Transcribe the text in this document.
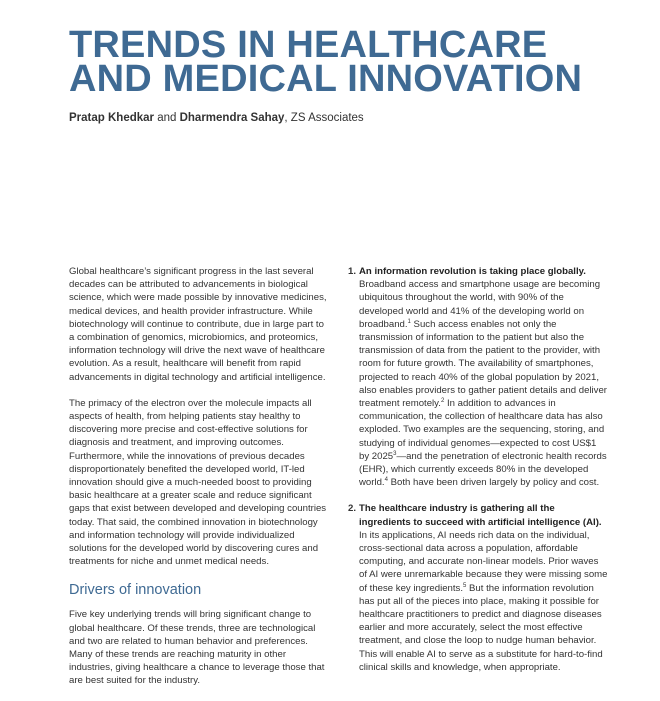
TRENDS IN HEALTHCARE
AND MEDICAL INNOVATION
Pratap Khedkar and Dharmendra Sahay, ZS Associates

Global healthcare’s significant progress in the last several decades can be attributed to advancements in biological science, which were made possible by innovative medicines, medical devices, and health provider infrastructure. While biotechnology will continue to contribute, due in large part to a combination of genomics, microbiomics, and proteomics, information technology will drive the next wave of healthcare evolution. As a result, healthcare will benefit from rapid advancements in digital technology and artificial intelligence.

The primacy of the electron over the molecule impacts all aspects of health, from helping patients stay healthy to discovering more precise and cost-effective solutions for diagnosis and treatment, and improving outcomes. Furthermore, while the innovations of previous decades disproportionately benefited the developed world, IT-led innovation should give a much-needed boost to providing basic healthcare at a greater scale and reduce significant gaps that exist between developed and developing countries today. That said, the combined innovation in biotechnology and information technology will provide individualized solutions for the developed world by discovering cures and treatments for niche and unmet medical needs.

Drivers of innovation

Five key underlying trends will bring significant change to global healthcare. Of these trends, three are technological and two are related to human behavior and preferences. Many of these trends are reaching maturity in other industries, giving healthcare a chance to leverage those that are best suited for the industry.

1. An information revolution is taking place globally.
Broadband access and smartphone usage are becoming ubiquitous throughout the world, with 90% of the developed world and 41% of the developing world on broadband.$^1$ Such access enables not only the transmission of information to the patient but also the transmission of data from the patient to the provider, with room for future growth. The availability of smartphones, projected to reach 40% of the global population by 2021, also enables providers to gather patient details and deliver treatment remotely.$^2$ In addition to advances in communication, the collection of healthcare data has also exploded. Two examples are the sequencing, storing, and studying of individual genomes—expected to cost US$1 by 2025$^3$—and the penetration of electronic health records (EHR), which currently exceeds 80% in the developed world.$^4$ Both have been driven largely by policy and cost.
2. The healthcare industry is gathering all the ingredients to succeed with artificial intelligence (AI). In its applications, AI needs rich data on the individual, cross-sectional data across a population, affordable computing, and accurate non-linear models. Prior waves of AI were unremarkable because they were missing some of these key ingredients.$^5$ But the information revolution has put all of the pieces into place, making it possible for healthcare practitioners to predict and diagnose diseases earlier and more accurately, select the most effective treatment, and close the loop to nudge human behavior. This will enable AI to serve as a substitute for hard-to-find clinical skills and knowledge, when appropriate.
